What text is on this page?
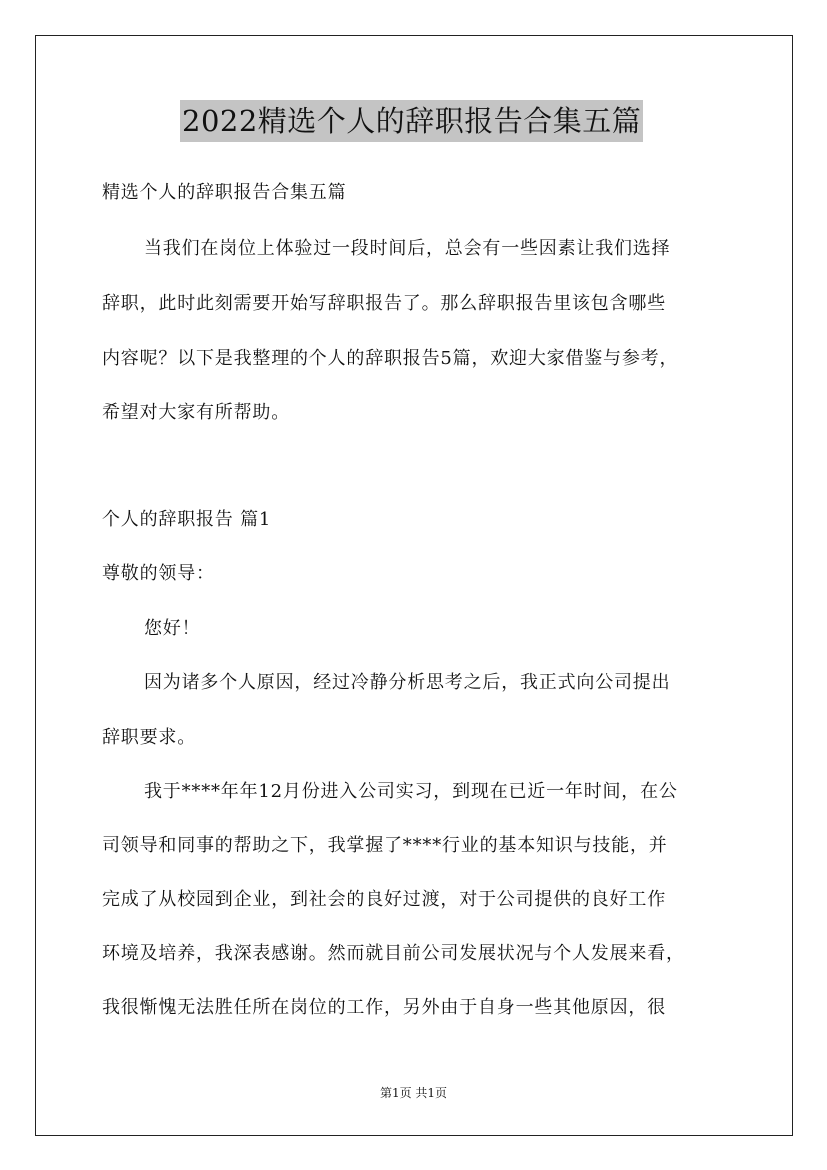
2022精选个人的辞职报告合集五篇
精选个人的辞职报告合集五篇
当我们在岗位上体验过一段时间后，总会有一些因素让我们选择
辞职，此时此刻需要开始写辞职报告了。那么辞职报告里该包含哪些
内容呢？以下是我整理的个人的辞职报告5篇，欢迎大家借鉴与参考，
希望对大家有所帮助。
个人的辞职报告 篇1
尊敬的领导：
您好！
因为诸多个人原因，经过冷静分析思考之后，我正式向公司提出
辞职要求。
我于****年年12月份进入公司实习，到现在已近一年时间，在公
司领导和同事的帮助之下，我掌握了****行业的基本知识与技能，并
完成了从校园到企业，到社会的良好过渡，对于公司提供的良好工作
环境及培养，我深表感谢。然而就目前公司发展状况与个人发展来看，
我很惭愧无法胜任所在岗位的工作，另外由于自身一些其他原因，很
第1页 共1页
